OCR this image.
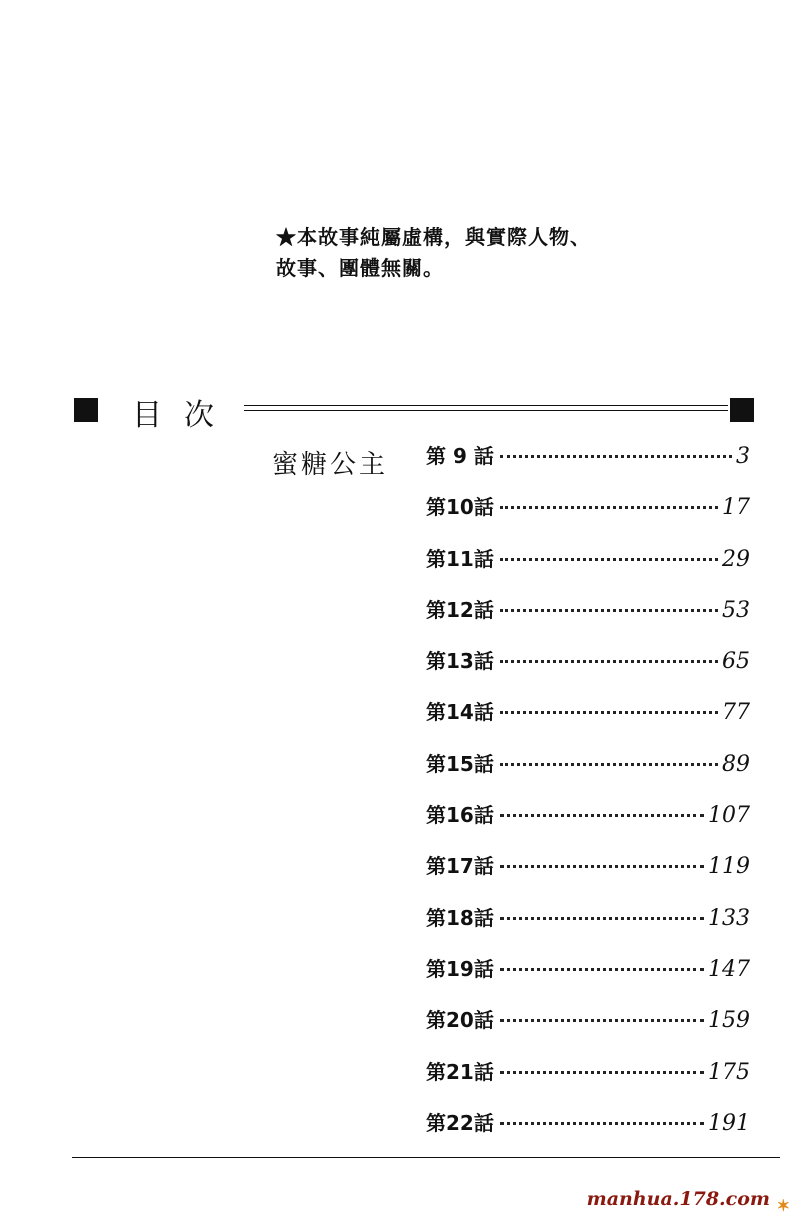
★本故事純屬虛構，與實際人物、
故事、團體無關。
目次
蜜糖公主 第 9 話	3
第10話	17
第11話	29
第12話	53
第13話	65
第14話	77
第15話	89
第16話	107
第17話	119
第18話	133
第19話	147
第20話	159
第21話	175
第22話	191
manhua.178.com ✶
